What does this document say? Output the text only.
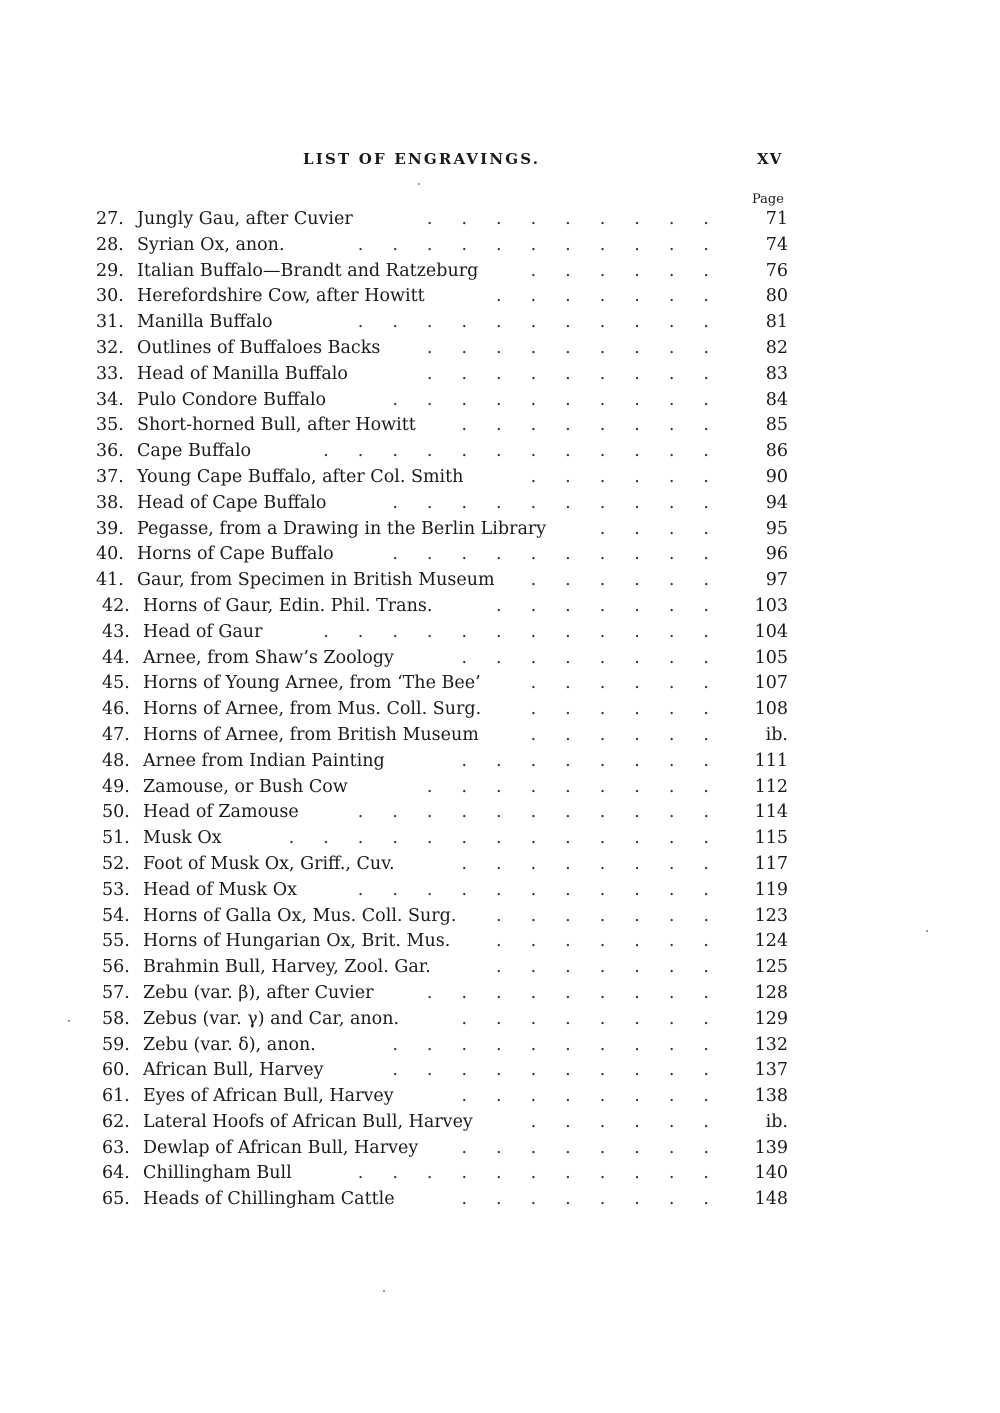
LIST OF ENGRAVINGS.	XV
Page
27. Jungly Gau, after Cuvier	.........	71
28. Syrian Ox, anon.	...........	74
29. Italian Buffalo—Brandt and Ratzeburg	......	76
30. Herefordshire Cow, after Howitt	.......	80
31. Manilla Buffalo	...........	81
32. Outlines of Buffaloes Backs	.........	82
33. Head of Manilla Buffalo	.........	83
34. Pulo Condore Buffalo	..........	84
35. Short-horned Bull, after Howitt	........	85
36. Cape Buffalo	............	86
37. Young Cape Buffalo, after Col. Smith	......	90
38. Head of Cape Buffalo	..........	94
39. Pegasse, from a Drawing in the Berlin Library	....	95
40. Horns of Cape Buffalo	..........	96
41. Gaur, from Specimen in British Museum ......	97
42. Horns of Gaur, Edin. Phil. Trans.	....... 103
43. Head of Gaur	............ 104
44. Arnee, from Shaw’s Zoology	........ 105
45. Horns of Young Arnee, from ‘The Bee’	...... 107
46. Horns of Arnee, from Mus. Coll. Surg.	...... 108
47. Horns of Arnee, from British Museum	......	ib.
48. Arnee from Indian Painting	........ 111
49. Zamouse, or Bush Cow	......... 112
50. Head of Zamouse	........... 114
51. Musk Ox	............. 115
52. Foot of Musk Ox, Griff., Cuv.	........ 117
53. Head of Musk Ox	........... 119
54. Horns of Galla Ox, Mus. Coll. Surg. ....... 123
55. Horns of Hungarian Ox, Brit. Mus.	....... 124
56. Brahmin Bull, Harvey, Zool. Gar.	....... 125
57. Zebu (var. β), after Cuvier	......... 128
58. Zebus (var. γ) and Car, anon.	........ 129
59. Zebu (var. δ), anon.	.......... 132
60. African Bull, Harvey	.......... 137
61. Eyes of African Bull, Harvey	........ 138
62. Lateral Hoofs of African Bull, Harvey	......	ib.
63. Dewlap of African Bull, Harvey ........ 139
64. Chillingham Bull	........... 140
65. Heads of Chillingham Cattle	........ 148
